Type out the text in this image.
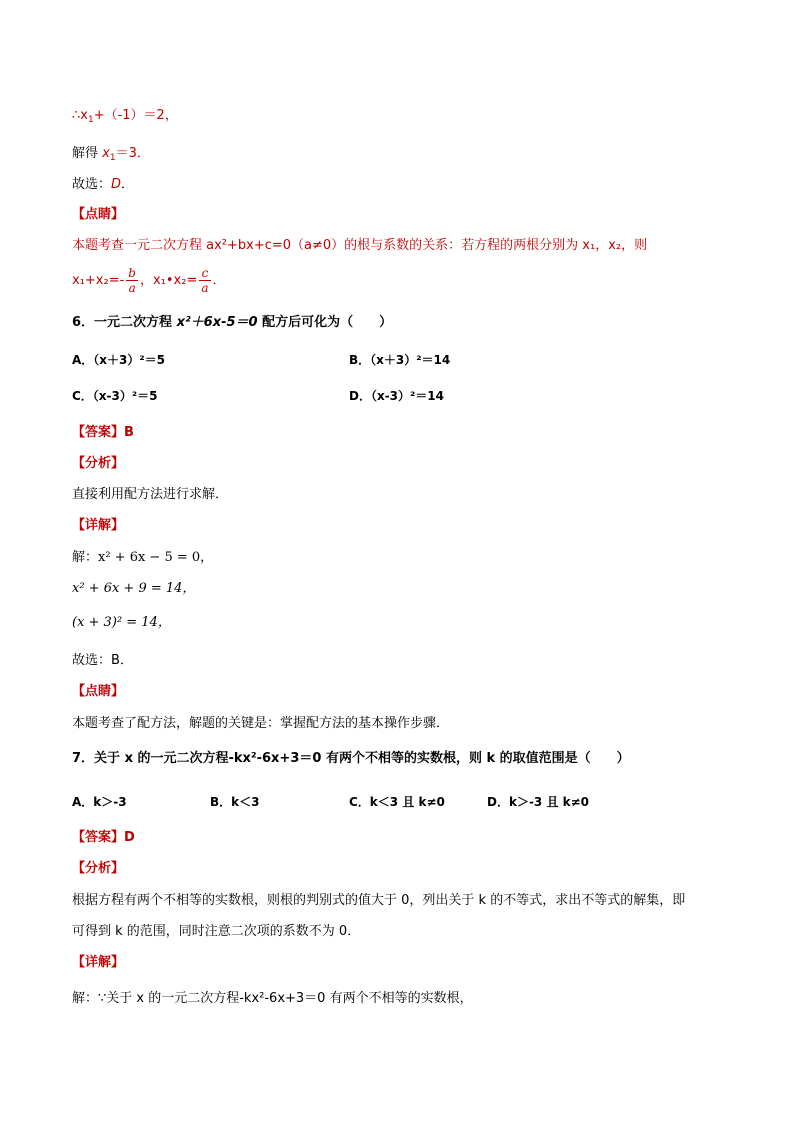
$\therefore x_1+(-1)=2$，
解得 $x_1=3$．
故选：D．
【点睛】
本题考查一元二次方程 ax²+bx+c=0（a≠0）的根与系数的关系：若方程的两根分别为 x₁，x₂，则
$x_1+x_2=- \frac{b}{a}$ ，x₁•x₂= $\frac{c}{a}$ ．
6．一元二次方程 x²＋6x-5＝0 配方后可化为（　　）
A．（x＋3）²＝5	B．（x＋3）²＝14
C．（x-3）²＝5	D．（x-3）²＝14
【答案】B
【分析】
直接利用配方法进行求解．
【详解】
解：x² + 6x − 5 = 0，
x² + 6x + 9 = 14，
(x + 3)² = 14，
故选：B．
【点睛】
本题考查了配方法，解题的关键是：掌握配方法的基本操作步骤．
7．关于 x 的一元二次方程-kx²-6x+3＝0 有两个不相等的实数根，则 k 的取值范围是（　　）
A．k＞-3	B．k＜3	C．k＜3 且 k≠0	D．k＞-3 且 k≠0
【答案】D
【分析】
根据方程有两个不相等的实数根，则根的判别式的值大于 0，列出关于 k 的不等式，求出不等式的解集，即
可得到 k 的范围，同时注意二次项的系数不为 0．
【详解】
解：∵关于 x 的一元二次方程-kx²-6x+3＝0 有两个不相等的实数根，
